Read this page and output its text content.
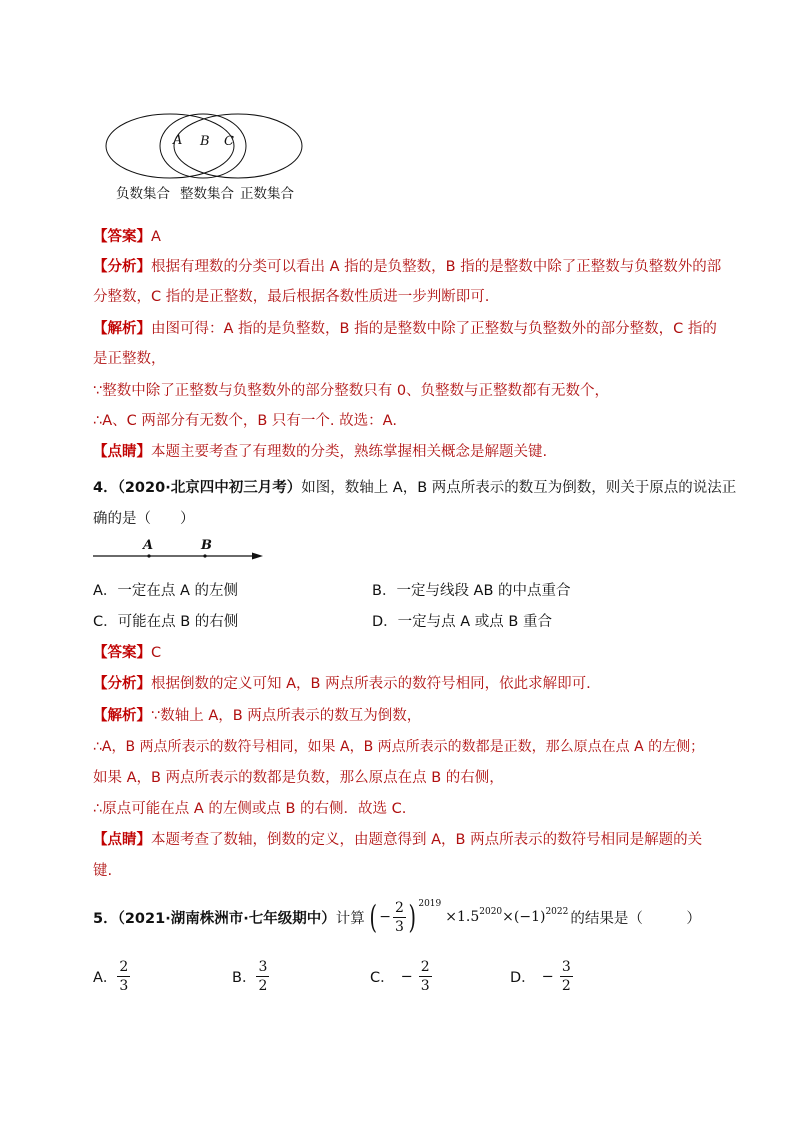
A B C
负数集合 整数集合 正数集合
【答案】A
【分析】根据有理数的分类可以看出 A 指的是负整数，B 指的是整数中除了正整数与负整数外的部
分整数，C 指的是正整数，最后根据各数性质进一步判断即可.
【解析】由图可得：A 指的是负整数，B 指的是整数中除了正整数与负整数外的部分整数，C 指的
是正整数，
∵整数中除了正整数与负整数外的部分整数只有 0、负整数与正整数都有无数个，
∴A、C 两部分有无数个，B 只有一个. 故选：A.
【点睛】本题主要考查了有理数的分类，熟练掌握相关概念是解题关键.
4．（2020·北京四中初三月考）如图，数轴上 A，B 两点所表示的数互为倒数，则关于原点的说法正
确的是（　　）
A	B
A．一定在点 A 的左侧	B．一定与线段 AB 的中点重合
C．可能在点 B 的右侧	D．一定与点 A 或点 B 重合
【答案】C
【分析】根据倒数的定义可知 A，B 两点所表示的数符号相同，依此求解即可.
【解析】∵数轴上 A，B 两点所表示的数互为倒数，
∴A，B 两点所表示的数符号相同，如果 A，B 两点所表示的数都是正数，那么原点在点 A 的左侧；
如果 A，B 两点所表示的数都是负数，那么原点在点 B 的右侧，
∴原点可能在点 A 的左侧或点 B 的右侧．故选 C.
【点睛】本题考查了数轴，倒数的定义，由题意得到 A，B 两点所表示的数符号相同是解题的关
键.
5．（2021·湖南株洲市·七年级期中） 计算 ( − $\frac{2}{3}$ ) $^{2019}$
$\times 1.5^{2020} \times(-1)^{2022}$ 的结果是（　　　）
A． $\frac{2}{3}$	B． $\frac{3}{2}$	C． − $\frac{2}{3}$	D． − $\frac{3}{2}$
